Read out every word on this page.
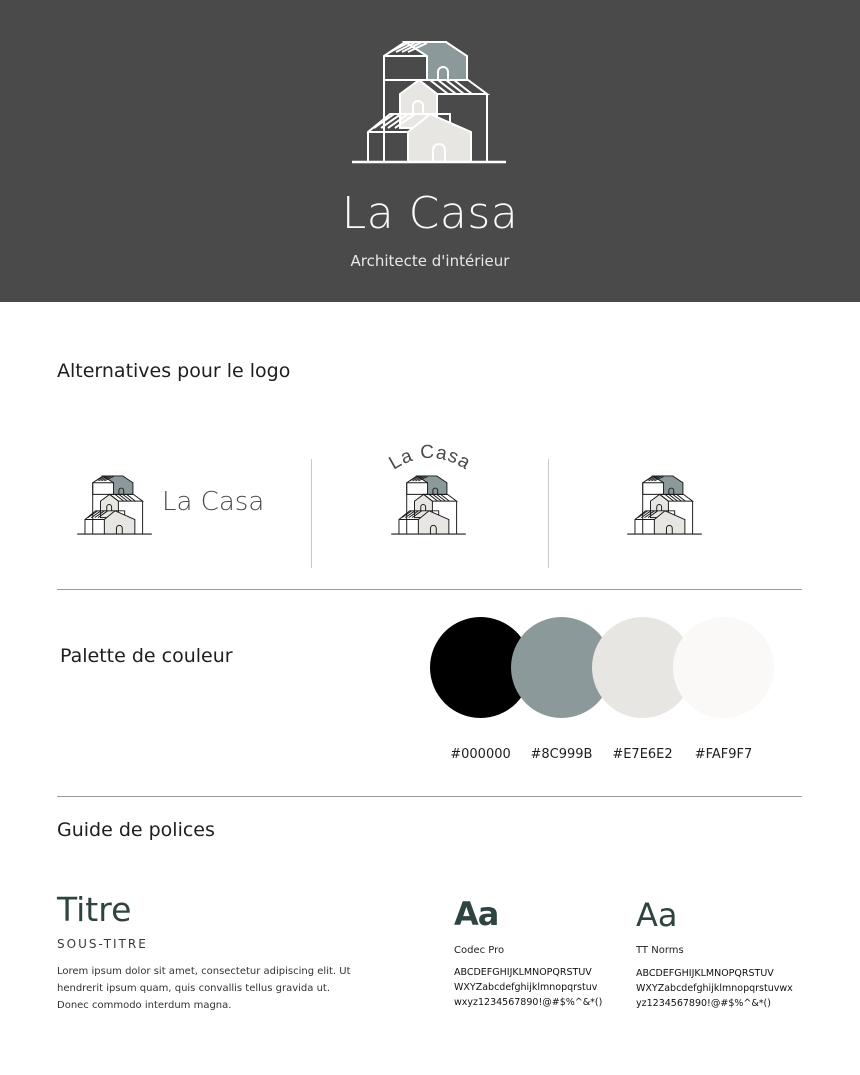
La Casa
Architecte d'intérieur
Alternatives pour le logo
La Casa
La Casa
Palette de couleur
#000000	#8C999B	#E7E6E2	#FAF9F7
Guide de polices
Titre
SOUS-TITRE
Lorem ipsum dolor sit amet, consectetur adipiscing elit. Ut hendrerit ipsum quam, quis convallis tellus gravida ut. Donec commodo interdum magna.
Aa
Codec Pro
ABCDEFGHIJKLMNOPQRSTUV
WXYZabcdefghijklmnopqrstuv
wxyz1234567890!@#$%^&*()
Aa
TT Norms
ABCDEFGHIJKLMNOPQRSTUV
WXYZabcdefghijklmnopqrstuvwx
yz1234567890!@#$%^&*()
